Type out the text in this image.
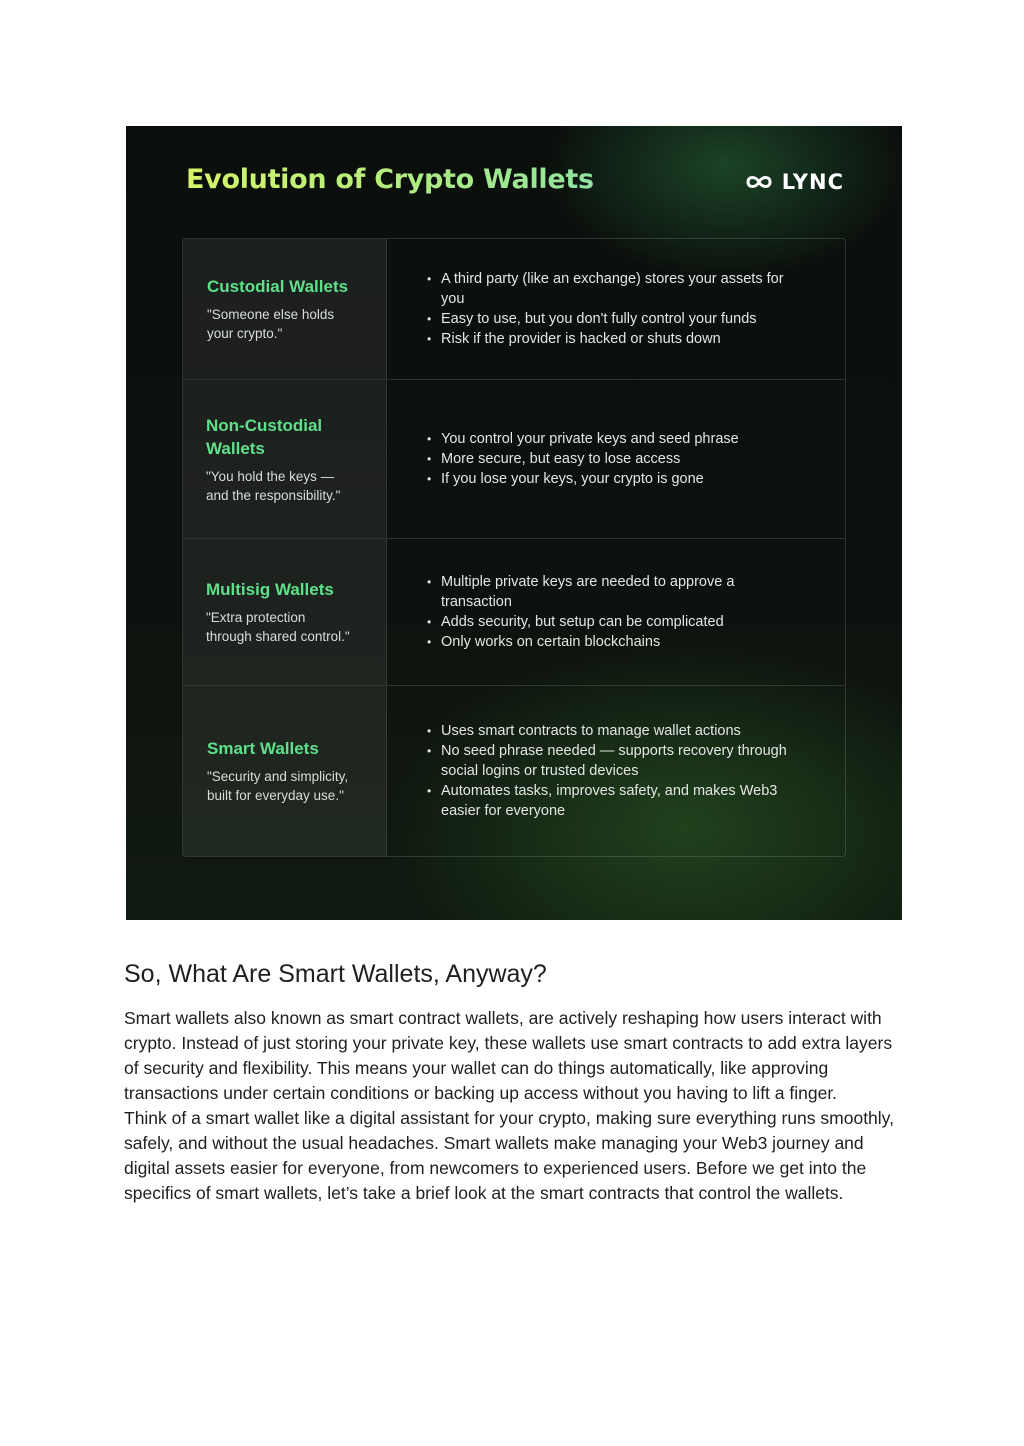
Evolution of Crypto Wallets	LYNC

Custodial Wallets

"Someone else holds
your crypto."

• A third party (like an exchange) stores your assets for you
• Easy to use, but you don't fully control your funds
• Risk if the provider is hacked or shuts down

Non-Custodial Wallets

"You hold the keys —
and the responsibility."

• You control your private keys and seed phrase
• More secure, but easy to lose access
• If you lose your keys, your crypto is gone

Multisig Wallets

"Extra protection
through shared control."

• Multiple private keys are needed to approve a transaction
• Adds security, but setup can be complicated
• Only works on certain blockchains

Smart Wallets

"Security and simplicity,
built for everyday use."

• Uses smart contracts to manage wallet actions
• No seed phrase needed — supports recovery through social logins or trusted devices
• Automates tasks, improves safety, and makes Web3 easier for everyone
So, What Are Smart Wallets, Anyway?

Smart wallets also known as smart contract wallets, are actively reshaping how users interact with crypto. Instead of just storing your private key, these wallets use smart contracts to add extra layers of security and flexibility. This means your wallet can do things automatically, like approving transactions under certain conditions or backing up access without you having to lift a finger.

Think of a smart wallet like a digital assistant for your crypto, making sure everything runs smoothly, safely, and without the usual headaches. Smart wallets make managing your Web3 journey and digital assets easier for everyone, from newcomers to experienced users. Before we get into the specifics of smart wallets, let’s take a brief look at the smart contracts that control the wallets.
